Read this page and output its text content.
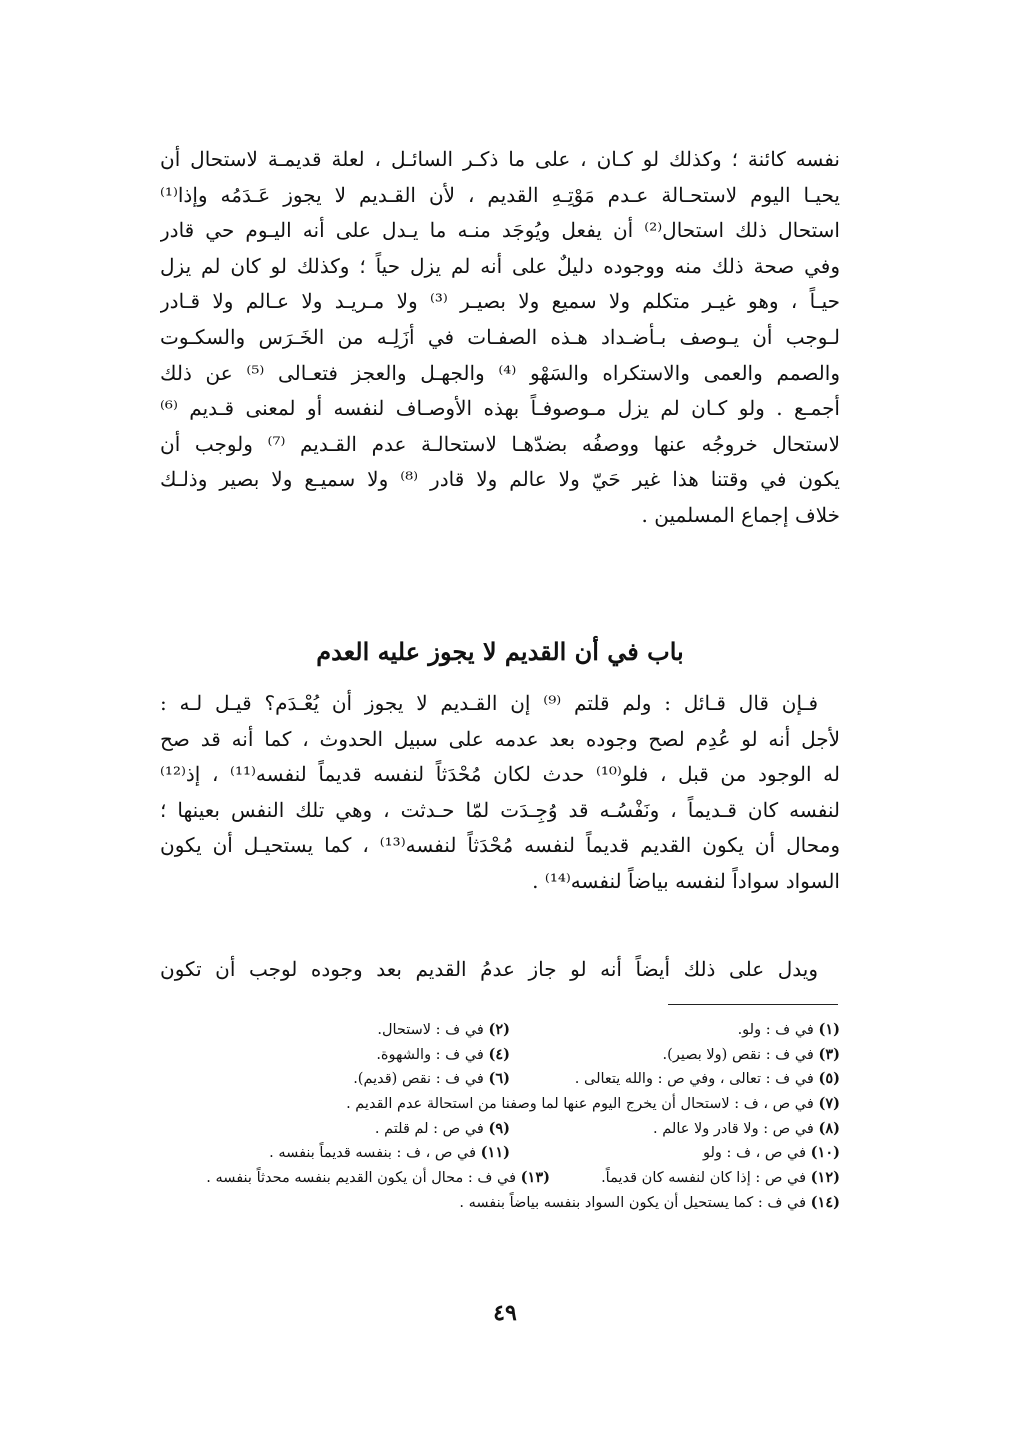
نفسه كائنة ؛ وكذلك لو كـان ، على ما ذكـر السائـل ، لعلة قديمـة لاستحال أن
يحيـا اليوم لاستحـالة عـدم مَوْتِـهِ القديم ، لأن القـديم لا يجوز عَـدَمُه وإذا⁽¹⁾
استحال ذلك استحال⁽²⁾ أن يفعل ويُوجَد منـه ما يـدل على أنه اليـوم حي قادر
وفي صحة ذلك منه ووجوده دليلٌ على أنه لم يزل حياً ؛ وكذلك لو كان لم يزل
حيـاً ، وهو غيـر متكلم ولا سميع ولا بصيـر ⁽³⁾ ولا مـريـد ولا عـالم ولا قـادر
لـوجب أن يـوصف بـأضـداد هـذه الصفـات في أزَلِـه من الخَـرَس والسكـوت
والصمم والعمى والاستكراه والسَهْو ⁽⁴⁾ والجهـل والعجز فتعـالى ⁽⁵⁾ عن ذلك
أجمـع . ولو كـان لم يزل مـوصوفـاً بهذه الأوصـاف لنفسه أو لمعنى قـديم ⁽⁶⁾
لاستحال خروجُه عنها ووصفُه بضدّهـا لاستحالـة عدم القـديم ⁽⁷⁾ ولوجب أن
يكون في وقتنا هذا غير حَيّ ولا عالم ولا قادر ⁽⁸⁾ ولا سميـع ولا بصير وذلـك
خلاف إجماع المسلمين .
باب في أن القديم لا يجوز عليه العدم
فـإن قال قـائل : ولم قلتم ⁽⁹⁾ إن القـديم لا يجوز أن يُعْـدَم؟ قيـل لـه :
لأجل أنه لو عُدِم لصح وجوده بعد عدمه على سبيل الحدوث ، كما أنه قد صح
له الوجود من قبل ، فلو⁽¹⁰⁾ حدث لكان مُحْدَثاً لنفسه قديماً لنفسه⁽¹¹⁾ ، إذ⁽¹²⁾
لنفسه كان قـديماً ، ونَفْسُـه قد وُجِـدَت لمّا حـدثت ، وهي تلك النفس بعينها ؛
ومحال أن يكون القديم قديماً لنفسه مُحْدَثاً لنفسه⁽¹³⁾ ، كما يستحيـل أن يكون
السواد سواداً لنفسه بياضاً لنفسه⁽¹⁴⁾ .
ويدل على ذلك أيضاً أنه لو جاز عدمُ القديم بعد وجوده لوجب أن تكون
(١) في ف : ولو.
(٢) في ف : لاستحال.
(٣) في ف : نقص (ولا بصير).
(٤) في ف : والشهوة.
(٥) في ف : تعالى ، وفي ص : والله يتعالى .
(٦) في ف : نقص (قديم).
(٧) في ص ، ف : لاستحال أن يخرج اليوم عنها لما وصفنا من استحالة عدم القديم .
(٨) في ص : ولا قادر ولا عالم .
(٩) في ص : لم قلتم .
(١٠) في ص ، ف : ولو
(١١) في ص ، ف : بنفسه قديماً بنفسه .
(١٢) في ص : إذا كان لنفسه كان قديماً.
(١٣) في ف : محال أن يكون القديم بنفسه محدثاً بنفسه .
(١٤) في ف : كما يستحيل أن يكون السواد بنفسه بياضاً بنفسه .
٤٩
